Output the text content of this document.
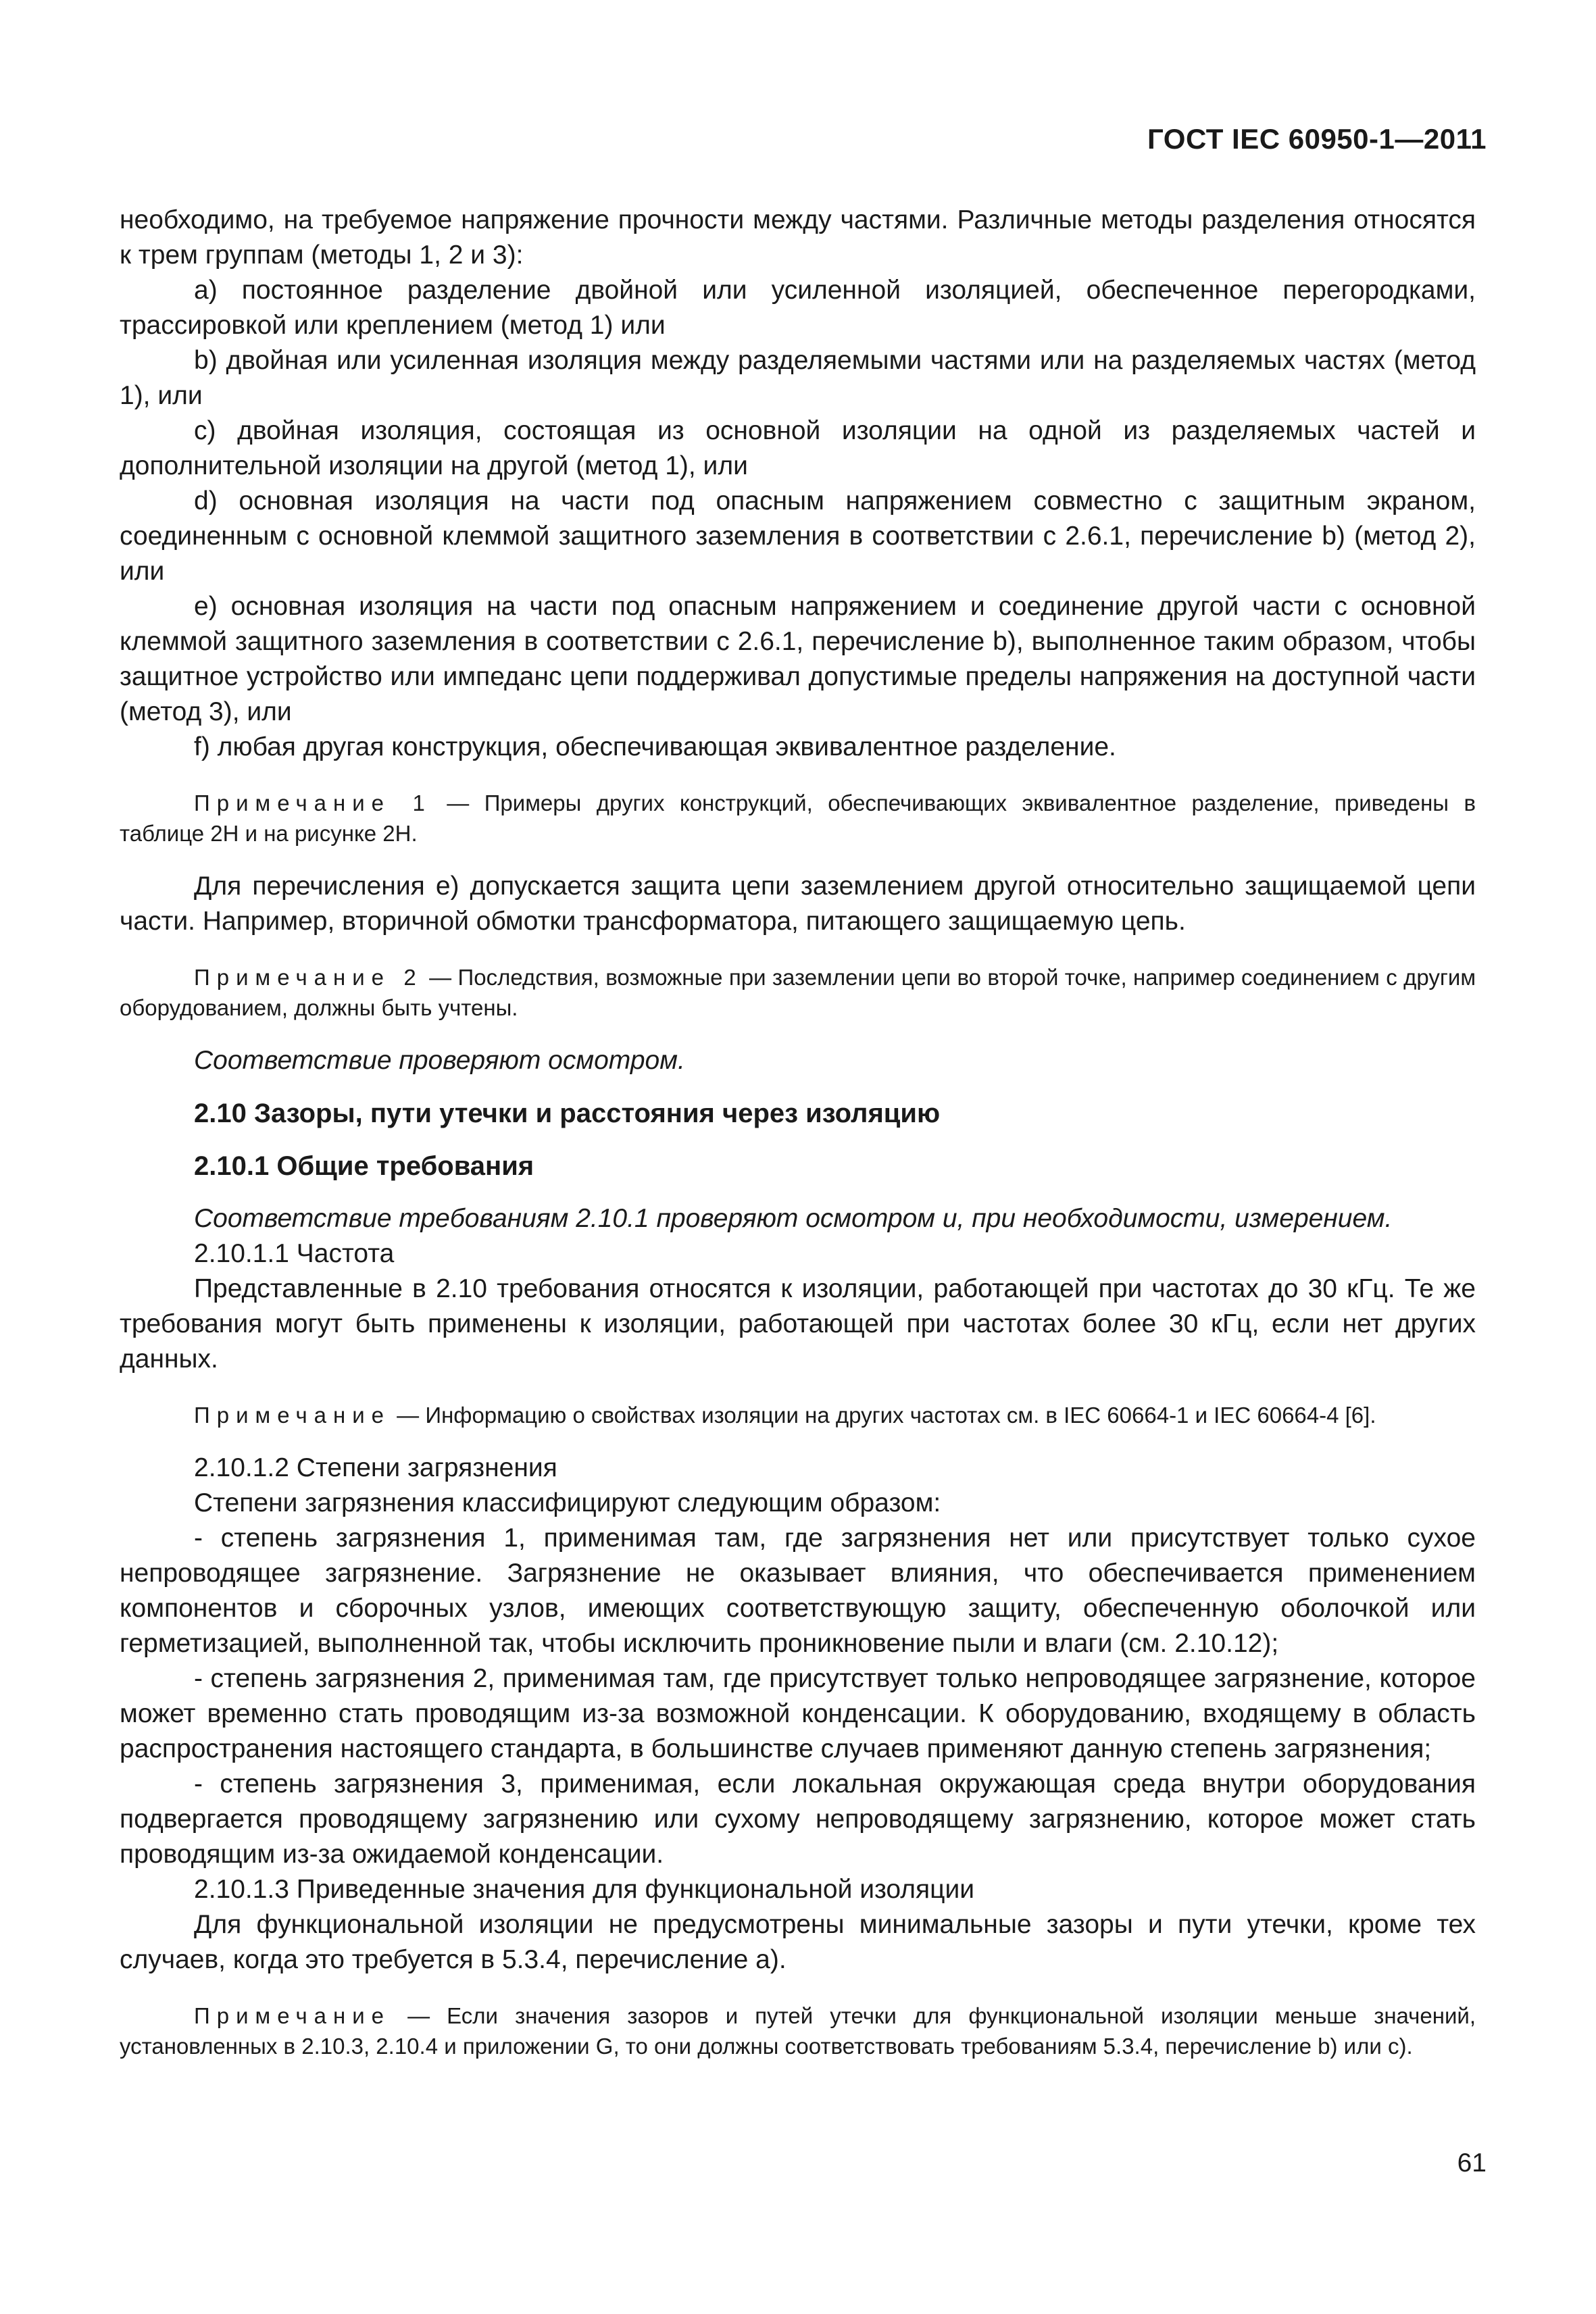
ГОСТ IEC 60950-1—2011

необходимо, на требуемое напряжение прочности между частями. Различные методы разделения относятся к трем группам (методы 1, 2 и 3):

а) постоянное разделение двойной или усиленной изоляцией, обеспеченное перегородками, трассировкой или креплением (метод 1) или

b) двойная или усиленная изоляция между разделяемыми частями или на разделяемых частях (метод 1), или

с) двойная изоляция, состоящая из основной изоляции на одной из разделяемых частей и дополнительной изоляции на другой (метод 1), или

d) основная изоляция на части под опасным напряжением совместно с защитным экраном, соединенным с основной клеммой защитного заземления в соответствии с 2.6.1, перечисление b) (метод 2), или

е) основная изоляция на части под опасным напряжением и соединение другой части с основной клеммой защитного заземления в соответствии с 2.6.1, перечисление b), выполненное таким образом, чтобы защитное устройство или импеданс цепи поддерживал допустимые пределы напряжения на доступной части (метод 3), или

f) любая другая конструкция, обеспечивающая эквивалентное разделение.

Примечание 1 — Примеры других конструкций, обеспечивающих эквивалентное разделение, приведены в таблице 2Н и на рисунке 2Н.

Для перечисления е) допускается защита цепи заземлением другой относительно защищаемой цепи части. Например, вторичной обмотки трансформатора, питающего защищаемую цепь.

Примечание 2 — Последствия, возможные при заземлении цепи во второй точке, например соединением с другим оборудованием, должны быть учтены.

Соответствие проверяют осмотром.

2.10 Зазоры, пути утечки и расстояния через изоляцию
2.10.1 Общие требования

Соответствие требованиям 2.10.1 проверяют осмотром и, при необходимости, измерением.

2.10.1.1 Частота

Представленные в 2.10 требования относятся к изоляции, работающей при частотах до 30 кГц. Те же требования могут быть применены к изоляции, работающей при частотах более 30 кГц, если нет других данных.

Примечание — Информацию о свойствах изоляции на других частотах см. в IEC 60664-1 и IEC 60664-4 [6].

2.10.1.2 Степени загрязнения

Степени загрязнения классифицируют следующим образом:

- степень загрязнения 1, применимая там, где загрязнения нет или присутствует только сухое непроводящее загрязнение. Загрязнение не оказывает влияния, что обеспечивается применением компонентов и сборочных узлов, имеющих соответствующую защиту, обеспеченную оболочкой или герметизацией, выполненной так, чтобы исключить проникновение пыли и влаги (см. 2.10.12);

- степень загрязнения 2, применимая там, где присутствует только непроводящее загрязнение, которое может временно стать проводящим из-за возможной конденсации. К оборудованию, входящему в область распространения настоящего стандарта, в большинстве случаев применяют данную степень загрязнения;

- степень загрязнения 3, применимая, если локальная окружающая среда внутри оборудования подвергается проводящему загрязнению или сухому непроводящему загрязнению, которое может стать проводящим из-за ожидаемой конденсации.

2.10.1.3 Приведенные значения для функциональной изоляции

Для функциональной изоляции не предусмотрены минимальные зазоры и пути утечки, кроме тех случаев, когда это требуется в 5.3.4, перечисление а).

Примечание — Если значения зазоров и путей утечки для функциональной изоляции меньше значений, установленных в 2.10.3, 2.10.4 и приложении G, то они должны соответствовать требованиям 5.3.4, перечисление b) или с).

61
